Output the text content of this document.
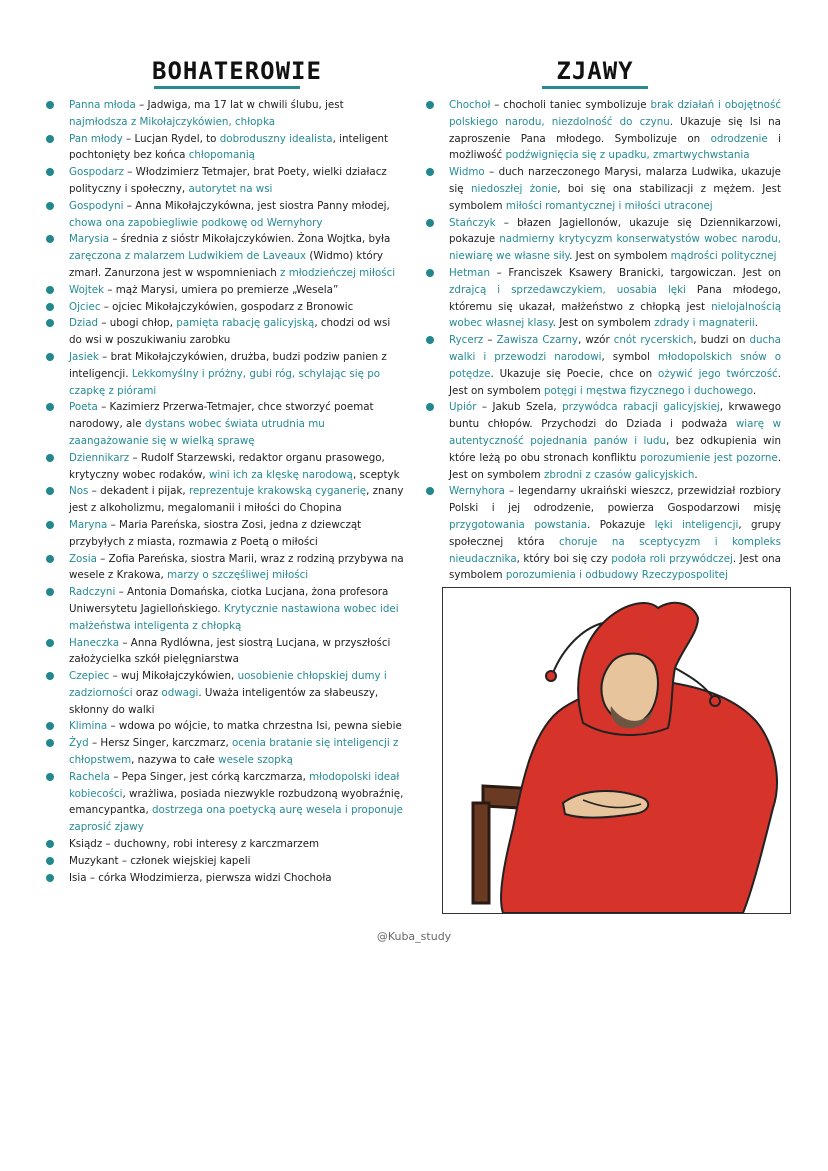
BOHATEROWIE
Panna młoda – Jadwiga, ma 17 lat w chwili ślubu, jest najmłodsza z Mikołajczykówien, chłopka
Pan młody – Lucjan Rydel, to dobroduszny idealista, inteligent pochtonięty bez końca chłopomanią
Gospodarz – Włodzimierz Tetmajer, brat Poety, wielki działacz polityczny i społeczny, autorytet na wsi
Gospodyni – Anna Mikołajczykówna, jest siostra Panny młodej, chowa ona zapobiegliwie podkowę od Wernyhory
Marysia – średnia z sióstr Mikołajczykówien. Żona Wojtka, była zaręczona z malarzem Ludwikiem de Laveaux (Widmo) który zmarł. Zanurzona jest w wspomnieniach z młodzieńczej miłości
Wojtek – mąż Marysi, umiera po premierze „Wesela”
Ojciec – ojciec Mikołajczykówien, gospodarz z Bronowic
Dziad – ubogi chłop, pamięta rabację galicyjską, chodzi od wsi do wsi w poszukiwaniu zarobku
Jasiek – brat Mikołajczykówien, drużba, budzi podziw panien z inteligencji. Lekkomyślny i próżny, gubi róg, schylając się po czapkę z piórami
Poeta – Kazimierz Przerwa-Tetmajer, chce stworzyć poemat narodowy, ale dystans wobec świata utrudnia mu zaangażowanie się w wielką sprawę
Dziennikarz – Rudolf Starzewski, redaktor organu prasowego, krytyczny wobec rodaków, wini ich za klęskę narodową, sceptyk
Nos – dekadent i pijak, reprezentuje krakowską cyganerię, znany jest z alkoholizmu, megalomanii i miłości do Chopina
Maryna – Maria Pareńska, siostra Zosi, jedna z dziewcząt przybyłych z miasta, rozmawia z Poetą o miłości
Zosia – Zofia Pareńska, siostra Marii, wraz z rodziną przybywa na wesele z Krakowa, marzy o szczęśliwej miłości
Radczyni – Antonia Domańska, ciotka Lucjana, żona profesora Uniwersytetu Jagiellońskiego. Krytycznie nastawiona wobec idei małżeństwa inteligenta z chłopką
Haneczka – Anna Rydlówna, jest siostrą Lucjana, w przyszłości założycielka szkół pielęgniarstwa
Czepiec – wuj Mikołajczykówien, uosobienie chłopskiej dumy i zadziorności oraz odwagi. Uważa inteligentów za słabeuszy, skłonny do walki
Klimina – wdowa po wójcie, to matka chrzestna Isi, pewna siebie
Żyd – Hersz Singer, karczmarz, ocenia bratanie się inteligencji z chłopstwem, nazywa to całe wesele szopką
Rachela – Pepa Singer, jest córką karczmarza, młodopolski ideał kobiecości, wrażliwa, posiada niezwykle rozbudzoną wyobraźnię, emancypantka, dostrzega ona poetycką aurę wesela i proponuje zaprosić zjawy
Ksiądz – duchowny, robi interesy z karczmarzem
Muzykant – członek wiejskiej kapeli
Isia – córka Włodzimierza, pierwsza widzi Chochoła
ZJAWY
Chochoł – chocholi taniec symbolizuje brak działań i obojętność polskiego narodu, niezdolność do czynu. Ukazuje się Isi na zaproszenie Pana młodego. Symbolizuje on odrodzenie i możliwość podźwignięcia się z upadku, zmartwychwstania
Widmo – duch narzeczonego Marysi, malarza Ludwika, ukazuje się niedoszłej żonie, boi się ona stabilizacji z mężem. Jest symbolem miłości romantycznej i miłości utraconej
Stańczyk – błazen Jagiellonów, ukazuje się Dziennikarzowi, pokazuje nadmierny krytycyzm konserwatystów wobec narodu, niewiarę we własne siły. Jest on symbolem mądrości politycznej
Hetman – Franciszek Ksawery Branicki, targowiczan. Jest on zdrajcą i sprzedawczykiem, uosabia lęki Pana młodego, któremu się ukazał, małżeństwo z chłopką jest nielojalnością wobec własnej klasy. Jest on symbolem zdrady i magnaterii.
Rycerz – Zawisza Czarny, wzór cnót rycerskich, budzi on ducha walki i przewodzi narodowi, symbol młodopolskich snów o potędze. Ukazuje się Poecie, chce on ożywić jego twórczość. Jest on symbolem potęgi i męstwa fizycznego i duchowego.
Upiór – Jakub Szela, przywódca rabacji galicyjskiej, krwawego buntu chłopów. Przychodzi do Dziada i podważa wiarę w autentyczność pojednania panów i ludu, bez odkupienia win które leżą po obu stronach konfliktu porozumienie jest pozorne. Jest on symbolem zbrodni z czasów galicyjskich.
Wernyhora – legendarny ukraiński wieszcz, przewidział rozbiory Polski i jej odrodzenie, powierza Gospodarzowi misję przygotowania powstania. Pokazuje lęki inteligencji, grupy społecznej która choruje na sceptycyzm i kompleks nieudacznika, który boi się czy podoła roli przywódczej. Jest ona symbolem porozumienia i odbudowy Rzeczypospolitej
@Kuba_study
